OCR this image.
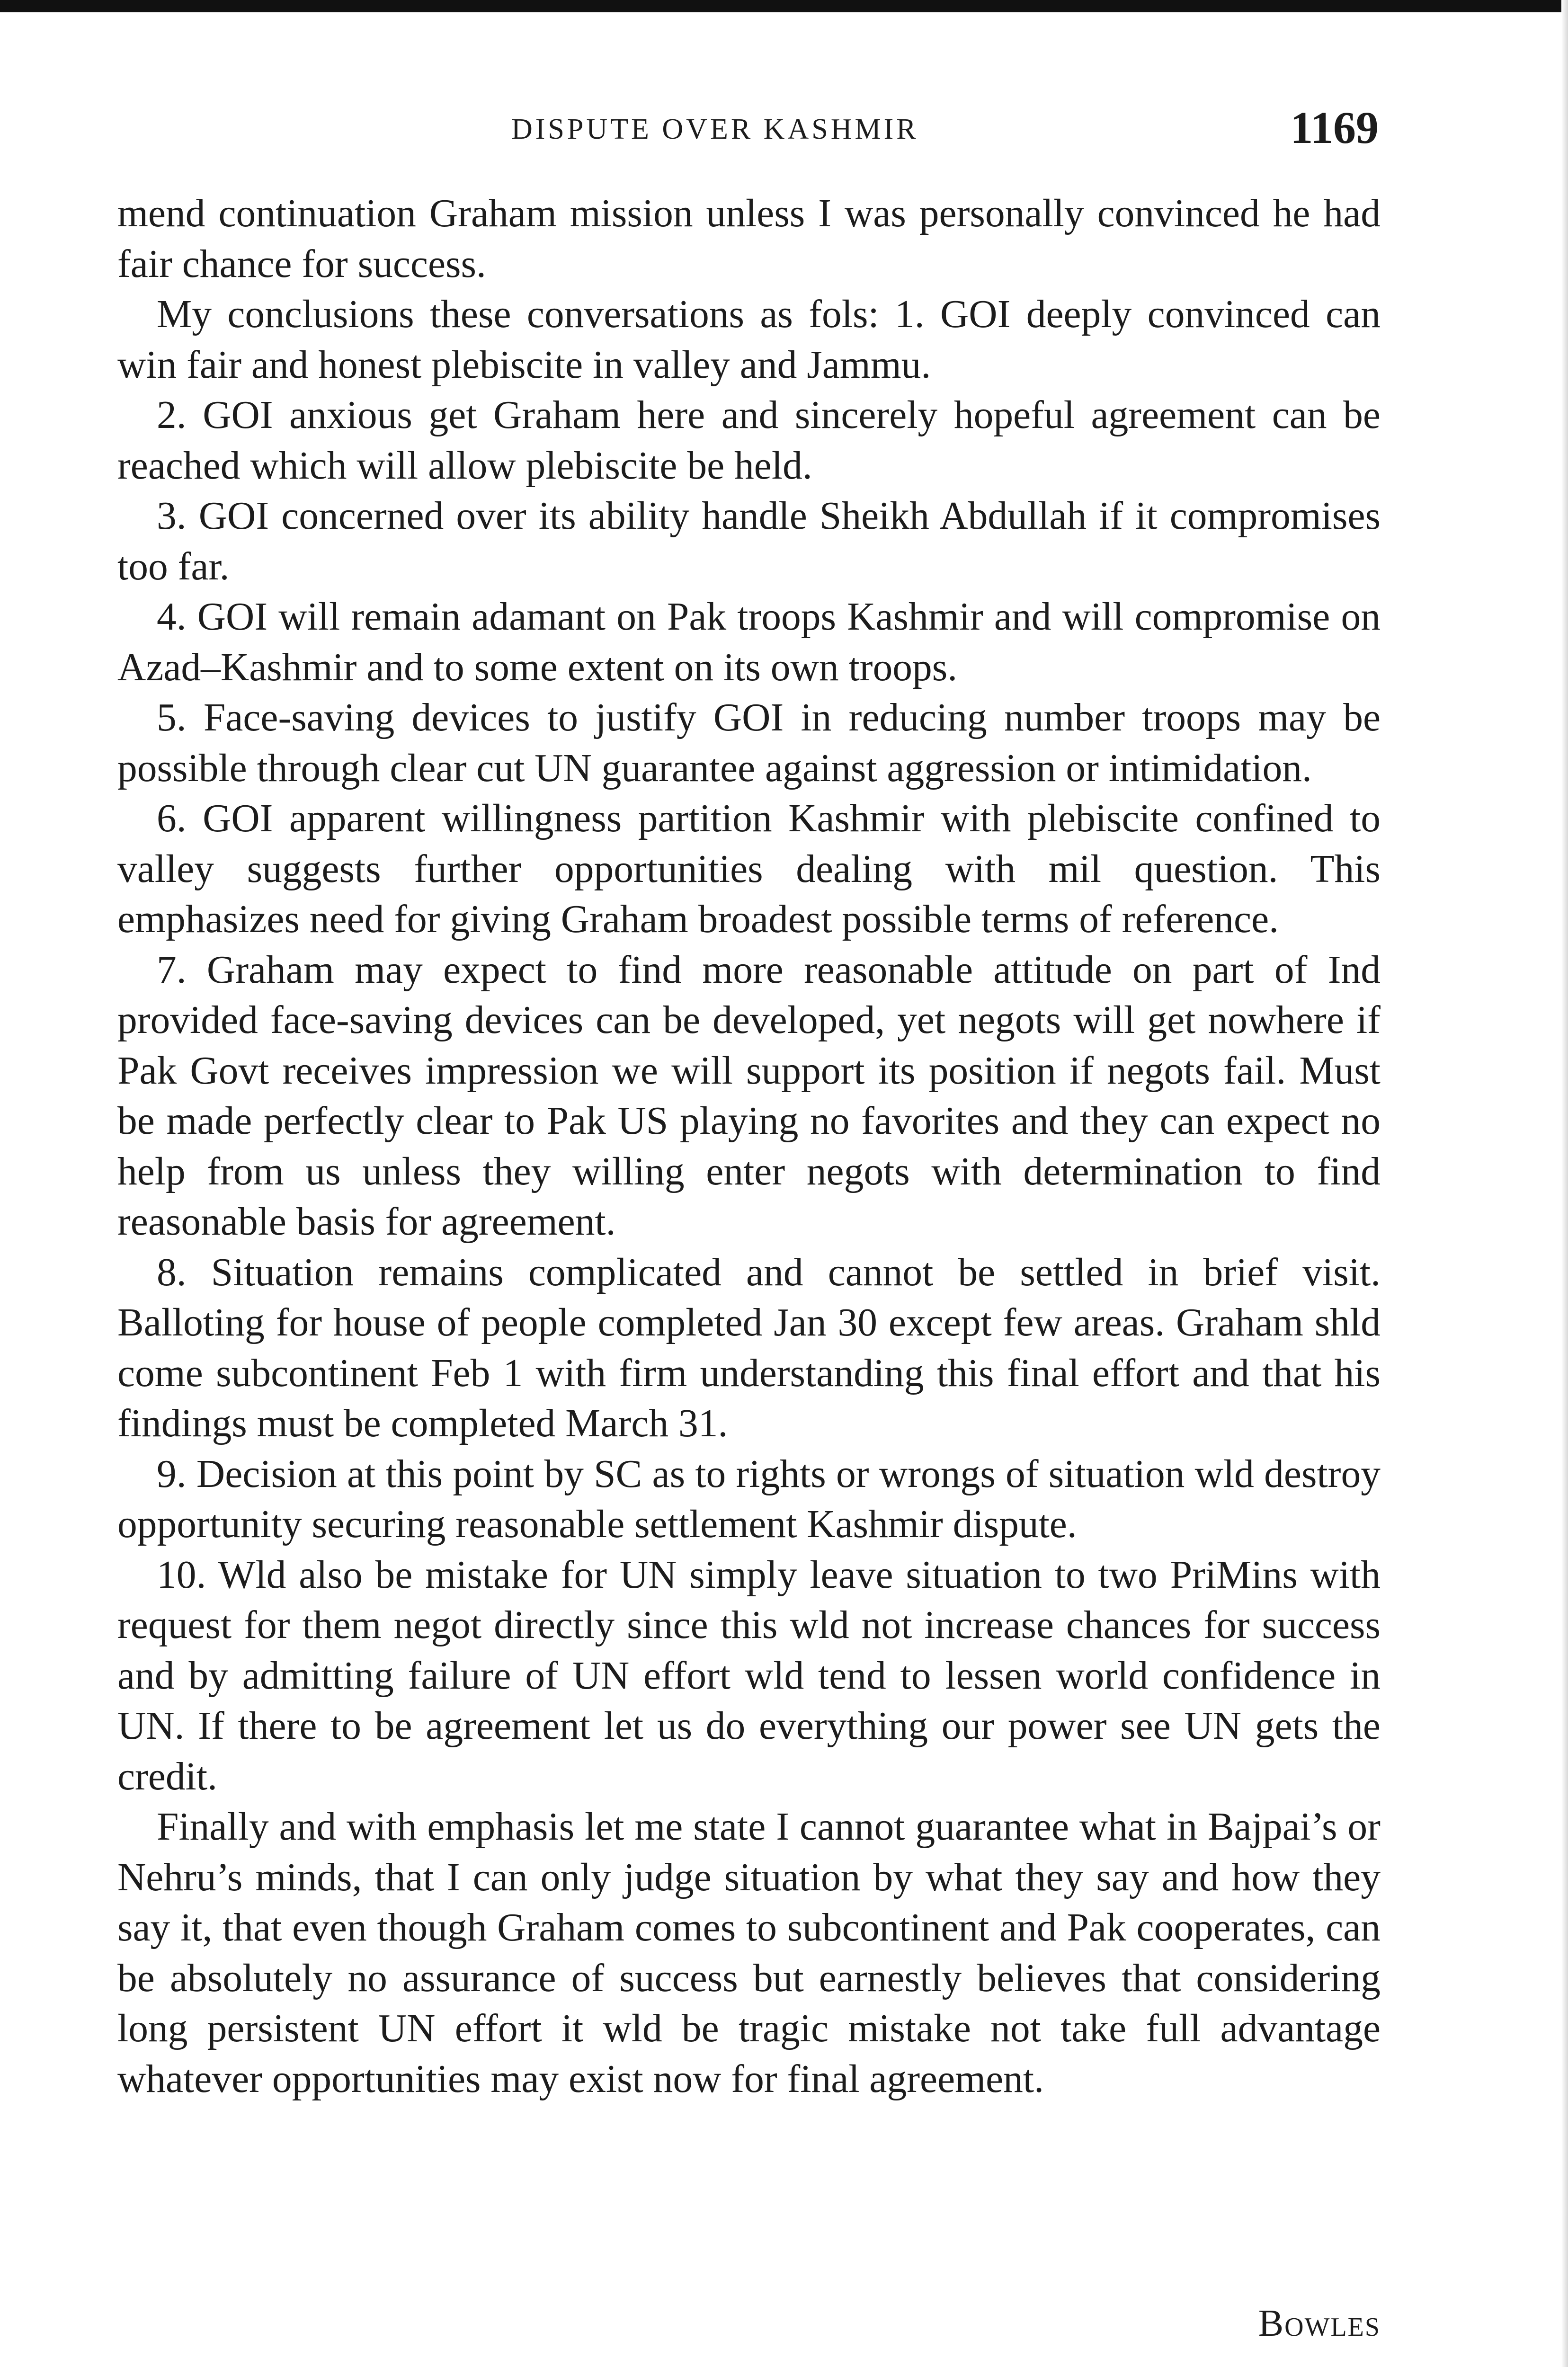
DISPUTE OVER KASHMIR	1169

mend continuation Graham mission unless I was personally convinced he had fair chance for success.

My conclusions these conversations as fols: 1. GOI deeply convinced can win fair and honest plebiscite in valley and Jammu.

2. GOI anxious get Graham here and sincerely hopeful agreement can be reached which will allow plebiscite be held.

3. GOI concerned over its ability handle Sheikh Abdullah if it compromises too far.

4. GOI will remain adamant on Pak troops Kashmir and will compromise on Azad–Kashmir and to some extent on its own troops.

5. Face-saving devices to justify GOI in reducing number troops may be possible through clear cut UN guarantee against aggression or intimidation.

6. GOI apparent willingness partition Kashmir with plebiscite confined to valley suggests further opportunities dealing with mil question. This emphasizes need for giving Graham broadest possible terms of reference.

7. Graham may expect to find more reasonable attitude on part of Ind provided face-saving devices can be developed, yet negots will get nowhere if Pak Govt receives impression we will support its position if negots fail. Must be made perfectly clear to Pak US playing no favorites and they can expect no help from us unless they willing enter negots with determination to find reasonable basis for agreement.

8. Situation remains complicated and cannot be settled in brief visit. Balloting for house of people completed Jan 30 except few areas. Graham shld come subcontinent Feb 1 with firm understanding this final effort and that his findings must be completed March 31.

9. Decision at this point by SC as to rights or wrongs of situation wld destroy opportunity securing reasonable settlement Kashmir dispute.

10. Wld also be mistake for UN simply leave situation to two PriMins with request for them negot directly since this wld not increase chances for success and by admitting failure of UN effort wld tend to lessen world confidence in UN. If there to be agreement let us do everything our power see UN gets the credit.

Finally and with emphasis let me state I cannot guarantee what in Bajpai’s or Nehru’s minds, that I can only judge situation by what they say and how they say it, that even though Graham comes to subcontinent and Pak cooperates, can be absolutely no assurance of success but earnestly believes that considering long persistent UN effort it wld be tragic mistake not take full advantage whatever opportunities may exist now for final agreement.

Bowles
